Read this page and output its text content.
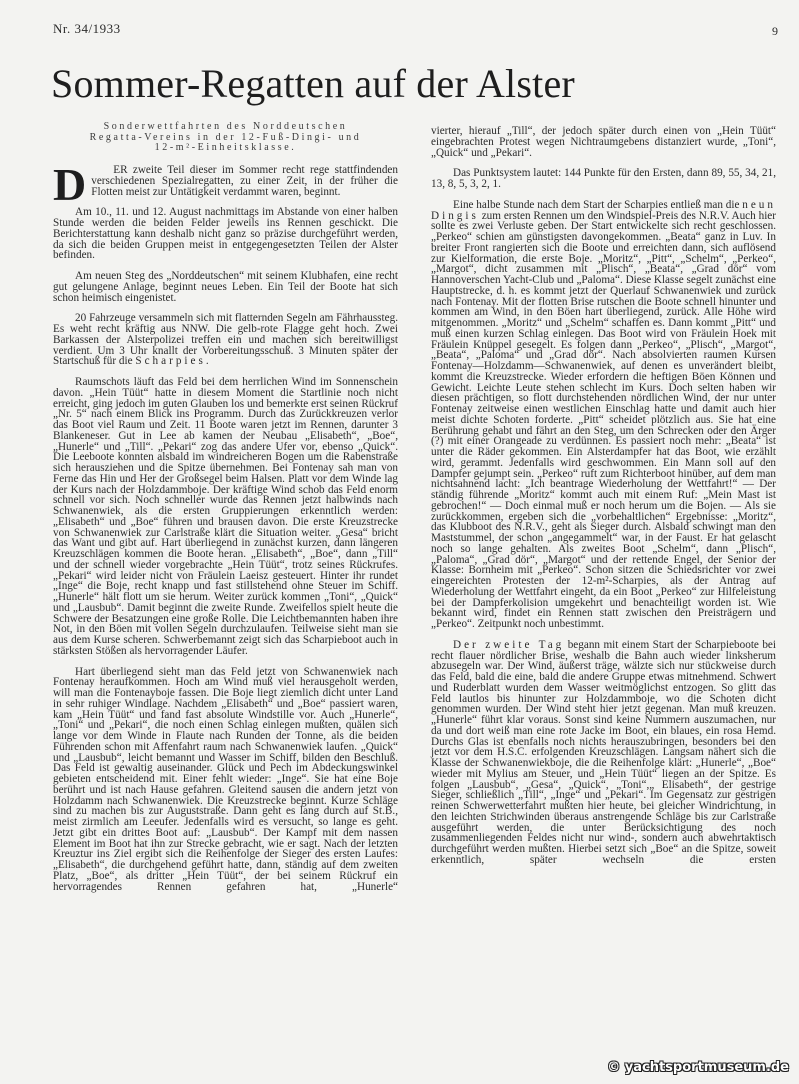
Nr. 34/1933	9
Sommer-Regatten auf der Alster
Sonderwettfahrten des Norddeutschen
Regatta-Vereins in der 12-Fuß-Dingi- und
12-m²-Einheitsklasse.

D ER zweite Teil dieser im Sommer recht rege stattfindenden verschiedenen Spezialregatten, zu einer Zeit, in der früher die Flotten meist zur Untätigkeit verdammt waren, beginnt.

Am 10., 11. und 12. August nachmittags im Abstande von einer halben Stunde werden die beiden Felder jeweils ins Rennen geschickt. Die Berichterstattung kann deshalb nicht ganz so präzise durchgeführt werden, da sich die beiden Gruppen meist in entgegengesetzten Teilen der Alster befinden.

Am neuen Steg des „Norddeutschen“ mit seinem Klubhafen, eine recht gut gelungene Anlage, beginnt neues Leben. Ein Teil der Boote hat sich schon heimisch eingenistet.

20 Fahrzeuge versammeln sich mit flatternden Segeln am Fährhaussteg. Es weht recht kräftig aus NNW. Die gelb-rote Flagge geht hoch. Zwei Barkassen der Alsterpolizei treffen ein und machen sich bereitwilligst verdient. Um 3 Uhr knallt der Vorbereitungsschuß. 3 Minuten später der Startschuß für die Scharpies.

Raumschots läuft das Feld bei dem herrlichen Wind im Sonnenschein davon. „Hein Tüüt“ hatte in diesem Moment die Startlinie noch nicht erreicht, ging jedoch im guten Glauben los und bemerkte erst seinen Rückruf „Nr. 5“ nach einem Blick ins Programm. Durch das Zurückkreuzen verlor das Boot viel Raum und Zeit. 11 Boote waren jetzt im Rennen, darunter 3 Blankeneser. Gut in Lee ab kamen der Neubau „Elisabeth“, „Boe“, „Hunerle“ und „Till“. „Pekari“ zog das andere Ufer vor, ebenso „Quick“. Die Leeboote konnten alsbald im windreicheren Bogen um die Rabenstraße sich herausziehen und die Spitze übernehmen. Bei Fontenay sah man von Ferne das Hin und Her der Großsegel beim Halsen. Platt vor dem Winde lag der Kurs nach der Holzdammboje. Der kräftige Wind schob das Feld enorm schnell vor sich. Noch schneller wurde das Rennen jetzt halbwinds nach Schwanenwiek, als die ersten Gruppierungen erkenntlich werden: „Elisabeth“ und „Boe“ führen und brausen davon. Die erste Kreuzstrecke von Schwanenwiek zur Carlstraße klärt die Situation weiter. „Gesa“ bricht das Want und gibt auf. Hart überliegend in zunächst kurzen, dann längeren Kreuzschlägen kommen die Boote heran. „Elisabeth“, „Boe“, dann „Till“ und der schnell wieder vorgebrachte „Hein Tüüt“, trotz seines Rückrufes. „Pekari“ wird leider nicht von Fräulein Laeisz gesteuert. Hinter ihr rundet „Inge“ die Boje, recht knapp und fast stillstehend ohne Steuer im Schiff. „Hunerle“ hält flott um sie herum. Weiter zurück kommen „Toni“, „Quick“ und „Lausbub“. Damit beginnt die zweite Runde. Zweifellos spielt heute die Schwere der Besatzungen eine große Rolle. Die Leichtbemannten haben ihre Not, in den Böen mit vollen Segeln durchzulaufen. Teilweise sieht man sie aus dem Kurse scheren. Schwerbemannt zeigt sich das Scharpieboot auch in stärksten Stößen als hervorragender Läufer.

Hart überliegend sieht man das Feld jetzt von Schwanenwiek nach Fontenay heraufkommen. Hoch am Wind muß viel herausgeholt werden, will man die Fontenayboje fassen. Die Boje liegt ziemlich dicht unter Land in sehr ruhiger Windlage. Nachdem „Elisabeth“ und „Boe“ passiert waren, kam „Hein Tüüt“ und fand fast absolute Windstille vor. Auch „Hunerle“, „Toni“ und „Pekari“, die noch einen Schlag einlegen mußten, quälen sich lange vor dem Winde in Flaute nach Runden der Tonne, als die beiden Führenden schon mit Affenfahrt raum nach Schwanenwiek laufen. „Quick“ und „Lausbub“, leicht bemannt und Wasser im Schiff, bilden den Beschluß. Das Feld ist gewaltig auseinander. Glück und Pech im Abdeckungswinkel gebieten entscheidend mit. Einer fehlt wieder: „Inge“. Sie hat eine Boje berührt und ist nach Hause gefahren. Gleitend sausen die andern jetzt von Holzdamm nach Schwanenwiek. Die Kreuzstrecke beginnt. Kurze Schläge sind zu machen bis zur Auguststraße. Dann geht es lang durch auf St.B., meist zirmlich am Leeufer. Jedenfalls wird es versucht, so lange es geht. Jetzt gibt ein drittes Boot auf: „Lausbub“. Der Kampf mit dem nassen Element im Boot hat ihn zur Strecke gebracht, wie er sagt. Nach der letzten Kreuztur ins Ziel ergibt sich die Reihenfolge der Sieger des ersten Laufes: „Elisabeth“, die durchgehend geführt hatte, dann, ständig auf dem zweiten Platz, „Boe“, als dritter „Hein Tüüt“, der bei seinem Rückruf ein hervorragendes Rennen gefahren hat, „Hunerle“

vierter, hierauf „Till“, der jedoch später durch einen von „Hein Tüüt“ eingebrachten Protest wegen Nichtraumgebens distanziert wurde, „Toni“, „Quick“ und „Pekari“.

Das Punktsystem lautet: 144 Punkte für den Ersten, dann 89, 55, 34, 21, 13, 8, 5, 3, 2, 1.

Eine halbe Stunde nach dem Start der Scharpies entließ man die neun Dingis zum ersten Rennen um den Windspiel-Preis des N.R.V. Auch hier sollte es zwei Verluste geben. Der Start entwickelte sich recht geschlossen. „Perkeo“ schien am günstigsten davongekommen. „Beata“ ganz in Luv. In breiter Front rangierten sich die Boote und erreichten dann, sich auflösend zur Kielformation, die erste Boje. „Moritz“, „Pitt“, „Schelm“, „Perkeo“, „Margot“, dicht zusammen mit „Plisch“, „Beata“, „Grad dör“ vom Hannoverschen Yacht-Club und „Paloma“. Diese Klasse segelt zunächst eine Hauptstrecke, d. h. es kommt jetzt der Querlauf Schwanenwiek und zurück nach Fontenay. Mit der flotten Brise rutschen die Boote schnell hinunter und kommen am Wind, in den Böen hart überliegend, zurück. Alle Höhe wird mitgenommen. „Moritz“ und „Schelm“ schaffen es. Dann kommt „Pitt“ und muß einen kurzen Schlag einlegen. Das Boot wird von Fräulein Hoek mit Fräulein Knüppel gesegelt. Es folgen dann „Perkeo“, „Plisch“, „Margot“, „Beata“, „Paloma“ und „Grad dör“. Nach absolvierten raumen Kursen Fontenay—Holzdamm—Schwanenwiek, auf denen es unverändert bleibt, kommt die Kreuzstrecke. Wieder erfordern die heftigen Böen Können und Gewicht. Leichte Leute stehen schlecht im Kurs. Doch selten haben wir diesen prächtigen, so flott durchstehenden nördlichen Wind, der nur unter Fontenay zeitweise einen westlichen Einschlag hatte und damit auch hier meist dichte Schoten forderte. „Pitt“ scheidet plötzlich aus. Sie hat eine Berührung gehabt und fährt an den Steg, um den Schrecken oder den Ärger (?) mit einer Orangeade zu verdünnen. Es passiert noch mehr: „Beata“ ist unter die Räder gekommen. Ein Alsterdampfer hat das Boot, wie erzählt wird, gerammt. Jedenfalls wird geschwommen. Ein Mann soll auf den Dampfer gejumpt sein. „Perkeo“ ruft zum Richterboot hinüber, auf dem man nichtsahnend lacht: „Ich beantrage Wiederholung der Wettfahrt!“ — Der ständig führende „Moritz“ kommt auch mit einem Ruf: „Mein Mast ist gebrochen!“ — Doch einmal muß er noch herum um die Bojen. — Als sie zurückkommen, ergeben sich die „vorbehaltlichen“ Ergebnisse: „Moritz“, das Klubboot des N.R.V., geht als Sieger durch. Alsbald schwingt man den Maststummel, der schon „angegammelt“ war, in der Faust. Er hat gelascht noch so lange gehalten. Als zweites Boot „Schelm“, dann „Plisch“, „Paloma“, „Grad dör“, „Margot“ und der rettende Engel, der Senior der Klasse: Bornheim mit „Perkeo“. Schon sitzen die Schiedsrichter vor zwei eingereichten Protesten der 12-m²-Scharpies, als der Antrag auf Wiederholung der Wettfahrt eingeht, da ein Boot „Perkeo“ zur Hilfeleistung bei der Dampferkolision umgekehrt und benachteiligt worden ist. Wie bekannt wird, findet ein Rennen statt zwischen den Preisträgern und „Perkeo“. Zeitpunkt noch unbestimmt.

Der zweite Tag begann mit einem Start der Scharpieboote bei recht flauer nördlicher Brise, weshalb die Bahn auch wieder linksherum abzusegeln war. Der Wind, äußerst träge, wälzte sich nur stückweise durch das Feld, bald die eine, bald die andere Gruppe etwas mitnehmend. Schwert und Ruderblatt wurden dem Wasser weitmöglichst entzogen. So glitt das Feld lautlos bis hinunter zur Holzdammboje, wo die Schoten dicht genommen wurden. Der Wind steht hier jetzt gegenan. Man muß kreuzen. „Hunerle“ führt klar voraus. Sonst sind keine Nummern auszumachen, nur da und dort weiß man eine rote Jacke im Boot, ein blaues, ein rosa Hemd. Durchs Glas ist ebenfalls noch nichts herauszubringen, besonders bei den jetzt vor dem H.S.C. erfolgenden Kreuzschlägen. Langsam nähert sich die Klasse der Schwanenwiekboje, die die Reihenfolge klärt: „Hunerle“, „Boe“ wieder mit Mylius am Steuer, und „Hein Tüüt“ liegen an der Spitze. Es folgen „Lausbub“, „Gesa“, „Quick“, „Toni“,„ Elisabeth“, der gestrige Sieger, schließlich „Till“, „Inge“ und „Pekari“. Im Gegensatz zur gestrigen reinen Schwerwetterfahrt mußten hier heute, bei gleicher Windrichtung, in den leichten Strichwinden überaus anstrengende Schläge bis zur Carlstraße ausgeführt werden, die unter Berücksichtigung des noch zusammenliegenden Feldes nicht nur wind-, sondern auch abwehrtaktisch durchgeführt werden mußten. Hierbei setzt sich „Boe“ an die Spitze, soweit erkenntlich, später wechseln die ersten

© yachtsportmuseum.de
